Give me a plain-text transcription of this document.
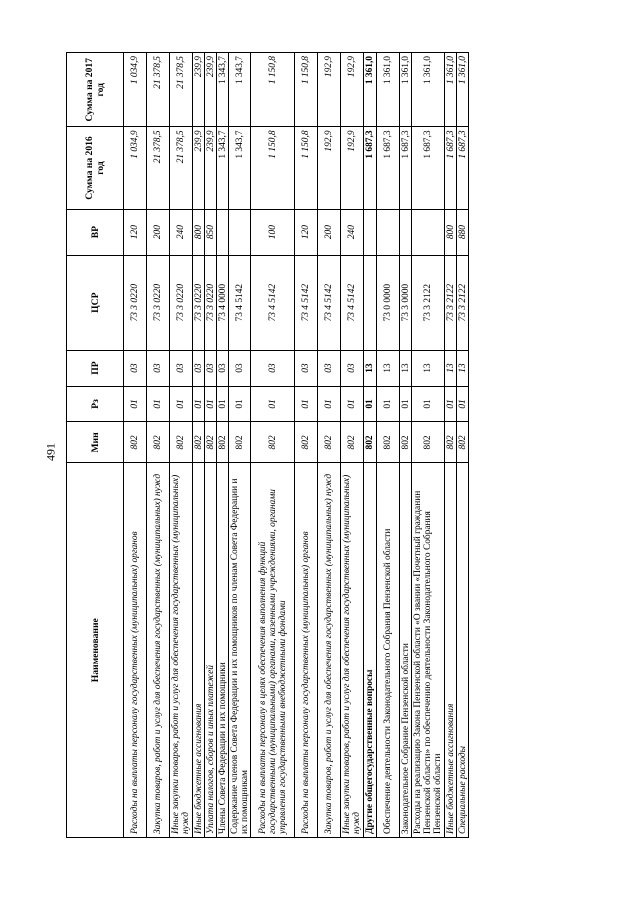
491
Наименование	Мин	Рз	ПР	ЦСР	ВР	Сумма на 2016 год	Сумма на 2017 год
Расходы на выплаты персоналу государственных (муниципальных) органов	802	01	03	73 3 0220	120	1 034,9	1 034,9
Закупка товаров, работ и услуг для обеспечения государственных (муниципальных) нужд	802	01	03	73 3 0220	200	21 378,5	21 378,5
Иные закупки товаров, работ и услуг для обеспечения государственных (муниципальных) нужд	802	01	03	73 3 0220	240	21 378,5	21 378,5
Иные бюджетные ассигнования	802	01	03	73 3 0220	800	239,9	239,9
Уплата налогов, сборов и иных платежей	802	01	03	73 3 0220	850	239,9	239,9
Члены Совета Федерации и их помощники	802	01	03	73 4 0000		1 343,7	1 343,7
Содержание членов Совета Федерации и их помощников по членам Совета Федерации и их помощникам	802	01	03	73 4 5142		1 343,7	1 343,7
Расходы на выплаты персоналу в целях обеспечения выполнения функций государственными (муниципальными) органами, казенными учреждениями, органами управления государственными внебюджетными фондами	802	01	03	73 4 5142	100	1 150,8	1 150,8
Расходы на выплаты персоналу государственных (муниципальных) органов	802	01	03	73 4 5142	120	1 150,8	1 150,8
Закупка товаров, работ и услуг для обеспечения государственных (муниципальных) нужд	802	01	03	73 4 5142	200	192,9	192,9
Иные закупки товаров, работ и услуг для обеспечения государственных (муниципальных) нужд	802	01	03	73 4 5142	240	192,9	192,9
Другие общегосударственные вопросы	802	01	13			1 687,3	1 361,0
Обеспечение деятельности Законодательного Собрания Пензенской области	802	01	13	73 0 0000		1 687,3	1 361,0
Законодательное Собрание Пензенской области	802	01	13	73 3 0000		1 687,3	1 361,0
Расходы на реализацию Закона Пензенской области «О звании «Почетный гражданин Пензенской области» по обеспечению деятельности Законодательного Собрания Пензенской области	802	01	13	73 3 2122		1 687,3	1 361,0
Иные бюджетные ассигнования	802	01	13	73 3 2122	800	1 687,3	1 361,0
Специальные расходы	802	01	13	73 3 2122	880	1 687,3	1 361,0
